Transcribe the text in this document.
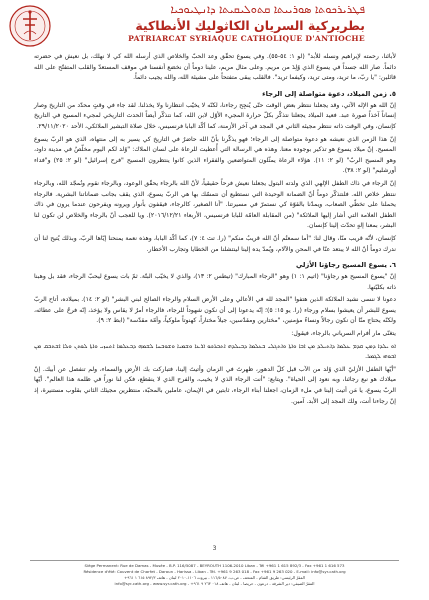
ܦܛܪܝܪܟܘܬܐ ܣܘܪܝܝܬܐ ܩܬܘܠܝܩܝܬܐ ܕܐܢܛܝܘܟܝܐ
بطريركية السريان الكاثوليك الأنطاكية
PATRIARCAT SYRIAQUE CATHOLIQUE D'ANTIOCHE

لأبائنا، رحمته لإبراهيم ونسله للأبد" (لو ١: ٥٤-٥٥). وفي يسوع تحقّق وعد الحبّ والخلاص الذي أرسله الله كي لا نهلك، بل نعيش في حضرته دائماً. صار الله جسداً في يسوع الذي وُلِدَ من مريم. وعلى مثال مريم، علينا دوماً أن نخضع أنفسنا في موقف المستعدّ والقلب المتفتّح على الله قائلين: "يا ربّ، ما تريد، ومتى تريد، وكيفما تريد". فالقلب يبقى متفتحاً على مشيئة الله، والله يجيب دائماً.

٥. زمن الميلاد، دعوة متواصلة إلى الرجاء

إنّ الله هو الإله الآتي، وقد يجعلنا ننتظر بعض الوقت حتّى يُنجِح رجاءنا، لكنّه لا يخيّب انتظارنا ولا يخذلنا. لقد جاء في وقتٍ محدّد من التاريخ وصار إنساناً آخذاً صورة عبد. فعيد الميلاد يجعلنا نتذكّر بكلّ حرارة المجيء الأوّل لابن الله، كما نتذكّر أيضاً الحدث التاريخي لمجيء المسيح في التاريخ كإنسان، وفي الوقت ذاته ننتظر مجيئه الثاني في المجد في آخر الأزمنة، كما أكّد البابا فرنسيس، خلال صلاة التبشير الملائكي، الأحد ٢٩/١١/٢٠٢٠.

إنّ هذا الزمن الذي نعيشه هو دعوة متواصلة إلى الرجاء؛ فهو يذكّرنا بأنّ الله حاضرٌ في التاريخ كي يسير به إلى منتهاه، الذي هو الربّ يسوع المسيح. إنّ ميلاد يسوع هو تذكير بوجوده معنا. وهذه هي الرسالة التي أُعطيت للرعاة على لسان الملاك: "وُلد لكم اليوم مخلّصٌ في مدينة داود، وهو المسيح الربّ" (لو ٢: ١١). هؤلاء الرعاة يمثّلون المتواضعين والفقراء الذين كانوا ينتظرون المسيح "فرح إسرائيل" (لو ٢: ٢٥) و"فداء أورشليم" (لو ٢: ٣٨).

إنّ الرجاء في ذاك الطفل الإلهي الذي ولدته البتول يجعلنا نعيش فرحاً حقيقياً، لأنّ الله بالرجاء يحقّق الوعود، وبالرجاء نقوم ونُمجّد الله، وبالرجاء ننتظر خلاص الله. فلنتذكّر دوماً أنّ الضمانة الوحيدة التي نستطيع أن نتمسّك بها هي الربّ يسوع، الذي يقف بجانب ضماناتنا البشرية. فالرجاء يحملنا على تخطّي الصعاب، ويمدّنا بالقوّة كي نستمرّ في مسيرتنا. "أنا الصغير، كالرجاء، فيقفون بأنوار ويرونه ويفرحون عندما يرون في ذاك الطفل العلامة التي أشار إليها الملائكة" (من المقابلة العامّة للبابا فرنسيس، الأربعاء ٢٠١٦/١٢/٢١). ويا للعجب أنّ بالرجاء والخلاص لن تكون لنا البشر، بمعنا إلهٍ تحدّث إلينا كإنسان.

كإنسان، لأنّه قريب منّا، وقال لنا: "أما سمعتُم أنّ الله قريبٌ منكم" (را. تث ٤: ٧)، كما أكّد البابا، وهذه نعمة يمنحنا إيّاها الربّ، وبذلك يُتيح لنا أن ندرك دوماً أنّ الله لا يبتعد عنّا في المحن والآلام، ويُمدّ يده إلينا لينتشلنا من الخطايا وتجارب الأخطار.

٦. يسوع المسيح رجاؤنا الأزلي

إنّ "يسوع المسيح هو رجاؤنا" (اتيم ١: ١) وهو "الرجاء المبارك" (تيطس ٢: ١٣)، والذي لا يخيّب البتّة. ثمّ بات يسوع ليحبّ الرجاء، فقد بل وهبنا ذاته بكليّتها.

دعونا لا ننسى نشيد الملائكة الذين هتفوا "المجد لله في الأعالي وعلى الأرض السلام والرجاء الصالح لبني البشر" (لو ٢: ١٤). بميلاده، أتاح الربّ يسوع للبشر أن يعيشوا بسلام ورجاء (را. يو ١٥: ٥)؛ إنّه يدعونا إلى أن نكون شهوداً للرجاء، فالرجاء أمرٌ لا يقاس ولا يؤخذ، إنّه فرحٌ على عطائه، ولكنّه يحتاج منّا أن نكون رجالاً ونساءً مؤمنين، "مختارين ومقدّسين، جيلاً مختاراً، كهنوتاً ملوكياً، وأمّة مقدّسة" (ابط ٢: ٩).

يتغنّى مار أفرام السرياني بالرجاء، فيقول:

ܐܘ ܝܠܕܐ ܕܡܢ ܩܕܡ ܥܠܡܐ ܕܐܬܝܠܕ ܡܢ ܐܒܐ ܘܐܬܐ ܘܐܬܓܠܝ ܒܥܠܡܐ ܕܒܝܠܕܗ ܐܬܒܪܟܘ ܐܪܥܐ ܘܫܡܝܐ ܘܫܘܒܚܐ ܠܫܡܗ ܕܒܥܠܡܐ ܐܬܚܙܝ ܘܐܬܐ ܠܘܬܢ ܘܠܐ ܐܫܬܒܩ ܡܢ ܐܒܘܗܝ ܠܓܡܪ.

"أيّها الطفل الأزليّ الذي وُلد من الآب قبل كلّ الدهور، ظهرتَ في الزمان وأتيتَ إلينا، فتباركت بك الأرض والسماء، ولم تنفصل عن أبيك. إنّ ميلادك هو نبع رجائنا، وبه نعود إلى الحياة". ويتابع: "أنت الرجاء الذي لا يخيب، والفرح الذي لا ينقطع، فكن لنا نوراً في ظلمة هذا العالم". أيّها الربّ يسوع، يا مَن أتيت إلينا في ملء الزمان، اجعلنا أبناء الرجاء، ثابتين في الإيمان، عاملين بالمحبّة، منتظرين مجيئك الثاني بقلوب مستنيرة، إذ إنّ رجاءنا أنت، ولك المجد إلى الأبد. آمين.

3
Siège Permanent: Rue de Damas - Musée - B.P. 116/5087 - BEYROUTH 1106-2010 Liban - Tél +961 1 615 892/3 - Fax +961 1 616 573
Résidence d'été: Couvent de Charfet - Daroun - Harissa - Liban - Tél. +961 9 263 018 - Fax +961 9 263 020 - E-mail: info@syr-cath.org
المقرّ الرئيسي: طريق الشام - المتحف - ص.ب. ١١٦/٥٠٨٧ - بيروت ١١٠٦-٢٠١٠ لبنان - هاتف ٨٩٢/٣ ٦١٥ ١ ٩٦١+
المقرّ الصيفي: دير الشرفة - درعون - حريصا - لبنان - هاتف ٠١٨ ٢٦٣ ٩ ٩٦١+ - info@syr-cath.org - www.syr-cath.org
